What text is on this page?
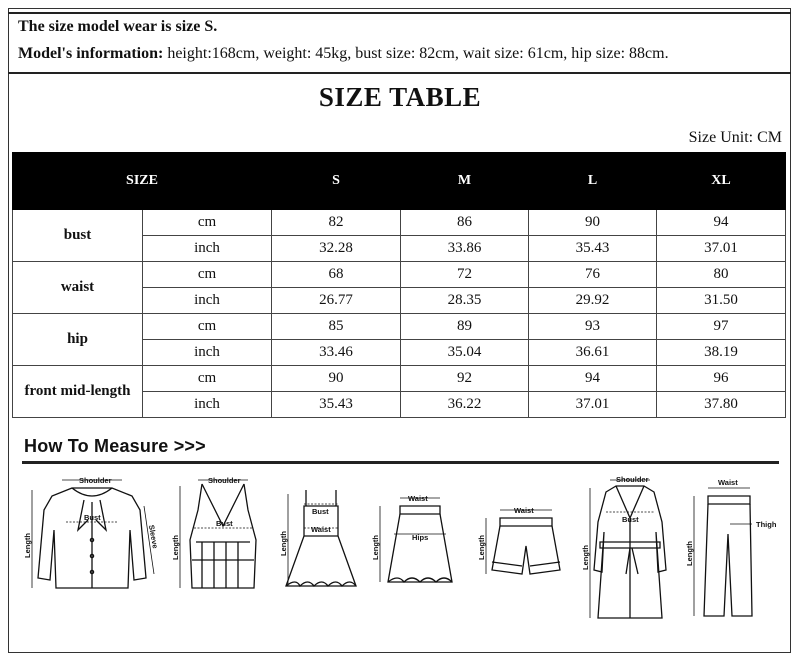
The size model wear is size S.
Model's information: height:168cm, weight: 45kg, bust size: 82cm, wait size: 61cm, hip size: 88cm.
SIZE TABLE
Size Unit: CM
SIZE		S	M	L	XL
bust	cm	82	86	90	94
	inch	32.28	33.86	35.43	37.01
waist	cm	68	72	76	80
	inch	26.77	28.35	29.92	31.50
hip	cm	85	89	93	97
	inch	33.46	35.04	36.61	38.19
front mid-length	cm	90	92	94	96
	inch	35.43	36.22	37.01	37.80
How To Measure >>>
Shoulder
Bust
Sleeve
Length
Shoulder
Bust
Length
Bust
Waist
Length
Waist
Hips
Length
Waist
Length
Shoulder
Bust
Length
Waist
Thigh
Length
